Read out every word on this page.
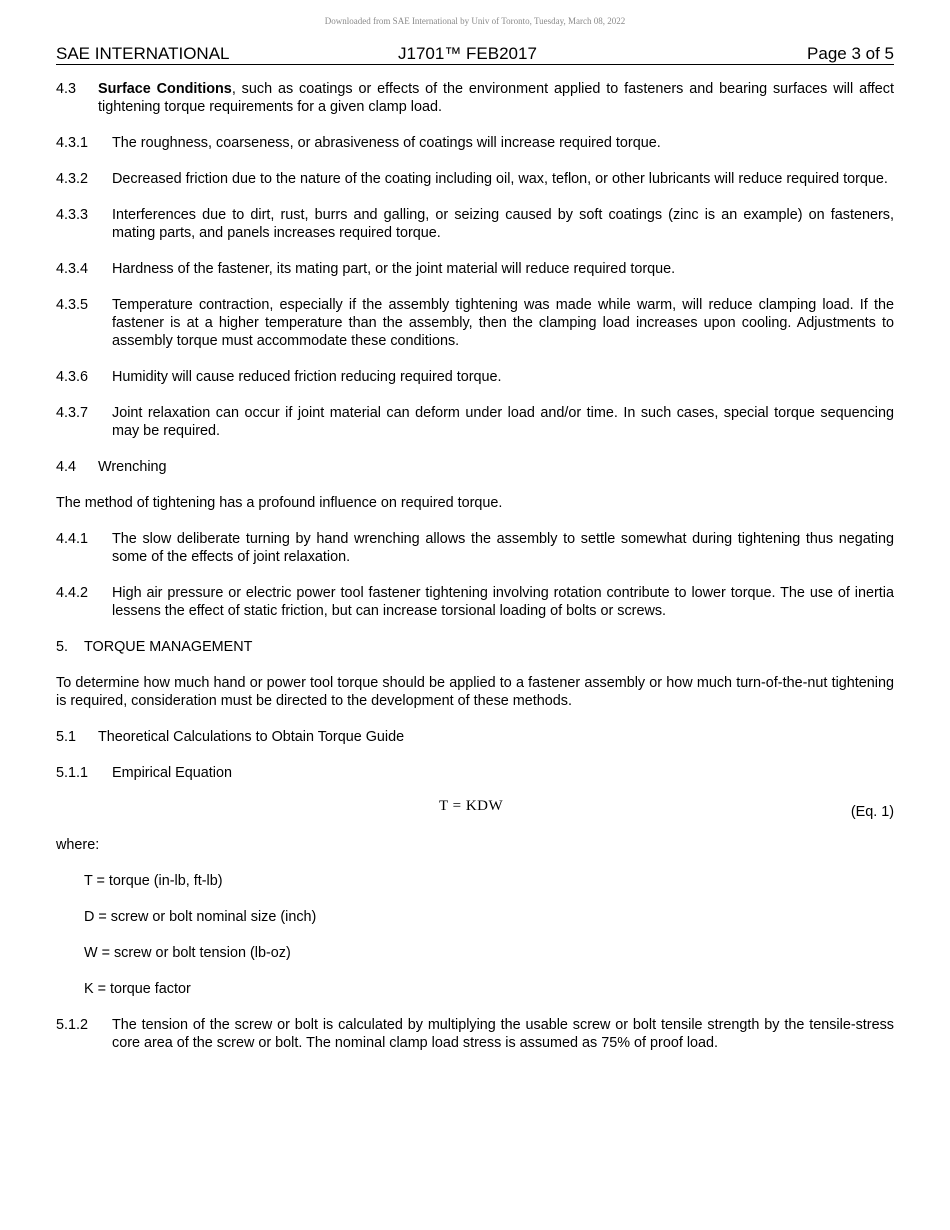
Downloaded from SAE International by Univ of Toronto, Tuesday, March 08, 2022
SAE INTERNATIONAL	J1701™ FEB2017	Page 3 of 5
4.3 Surface Conditions, such as coatings or effects of the environment applied to fasteners and bearing surfaces will affect tightening torque requirements for a given clamp load.

4.3.1 The roughness, coarseness, or abrasiveness of coatings will increase required torque.

4.3.2 Decreased friction due to the nature of the coating including oil, wax, teflon, or other lubricants will reduce required torque.

4.3.3 Interferences due to dirt, rust, burrs and galling, or seizing caused by soft coatings (zinc is an example) on fasteners, mating parts, and panels increases required torque.

4.3.4 Hardness of the fastener, its mating part, or the joint material will reduce required torque.

4.3.5 Temperature contraction, especially if the assembly tightening was made while warm, will reduce clamping load. If the fastener is at a higher temperature than the assembly, then the clamping load increases upon cooling. Adjustments to assembly torque must accommodate these conditions.

4.3.6 Humidity will cause reduced friction reducing required torque.

4.3.7 Joint relaxation can occur if joint material can deform under load and/or time. In such cases, special torque sequencing may be required.

4.4 Wrenching

The method of tightening has a profound influence on required torque.

4.4.1 The slow deliberate turning by hand wrenching allows the assembly to settle somewhat during tightening thus negating some of the effects of joint relaxation.

4.4.2 High air pressure or electric power tool fastener tightening involving rotation contribute to lower torque. The use of inertia lessens the effect of static friction, but can increase torsional loading of bolts or screws.

5. TORQUE MANAGEMENT

To determine how much hand or power tool torque should be applied to a fastener assembly or how much turn-of-the-nut tightening is required, consideration must be directed to the development of these methods.

5.1 Theoretical Calculations to Obtain Torque Guide
5.1.1 Empirical Equation
T = KDW	(Eq. 1)

where:

T = torque (in-lb, ft-lb)
D = screw or bolt nominal size (inch)
W = screw or bolt tension (lb-oz)
K = torque factor
5.1.2 The tension of the screw or bolt is calculated by multiplying the usable screw or bolt tensile strength by the tensile-stress core area of the screw or bolt. The nominal clamp load stress is assumed as 75% of proof load.
